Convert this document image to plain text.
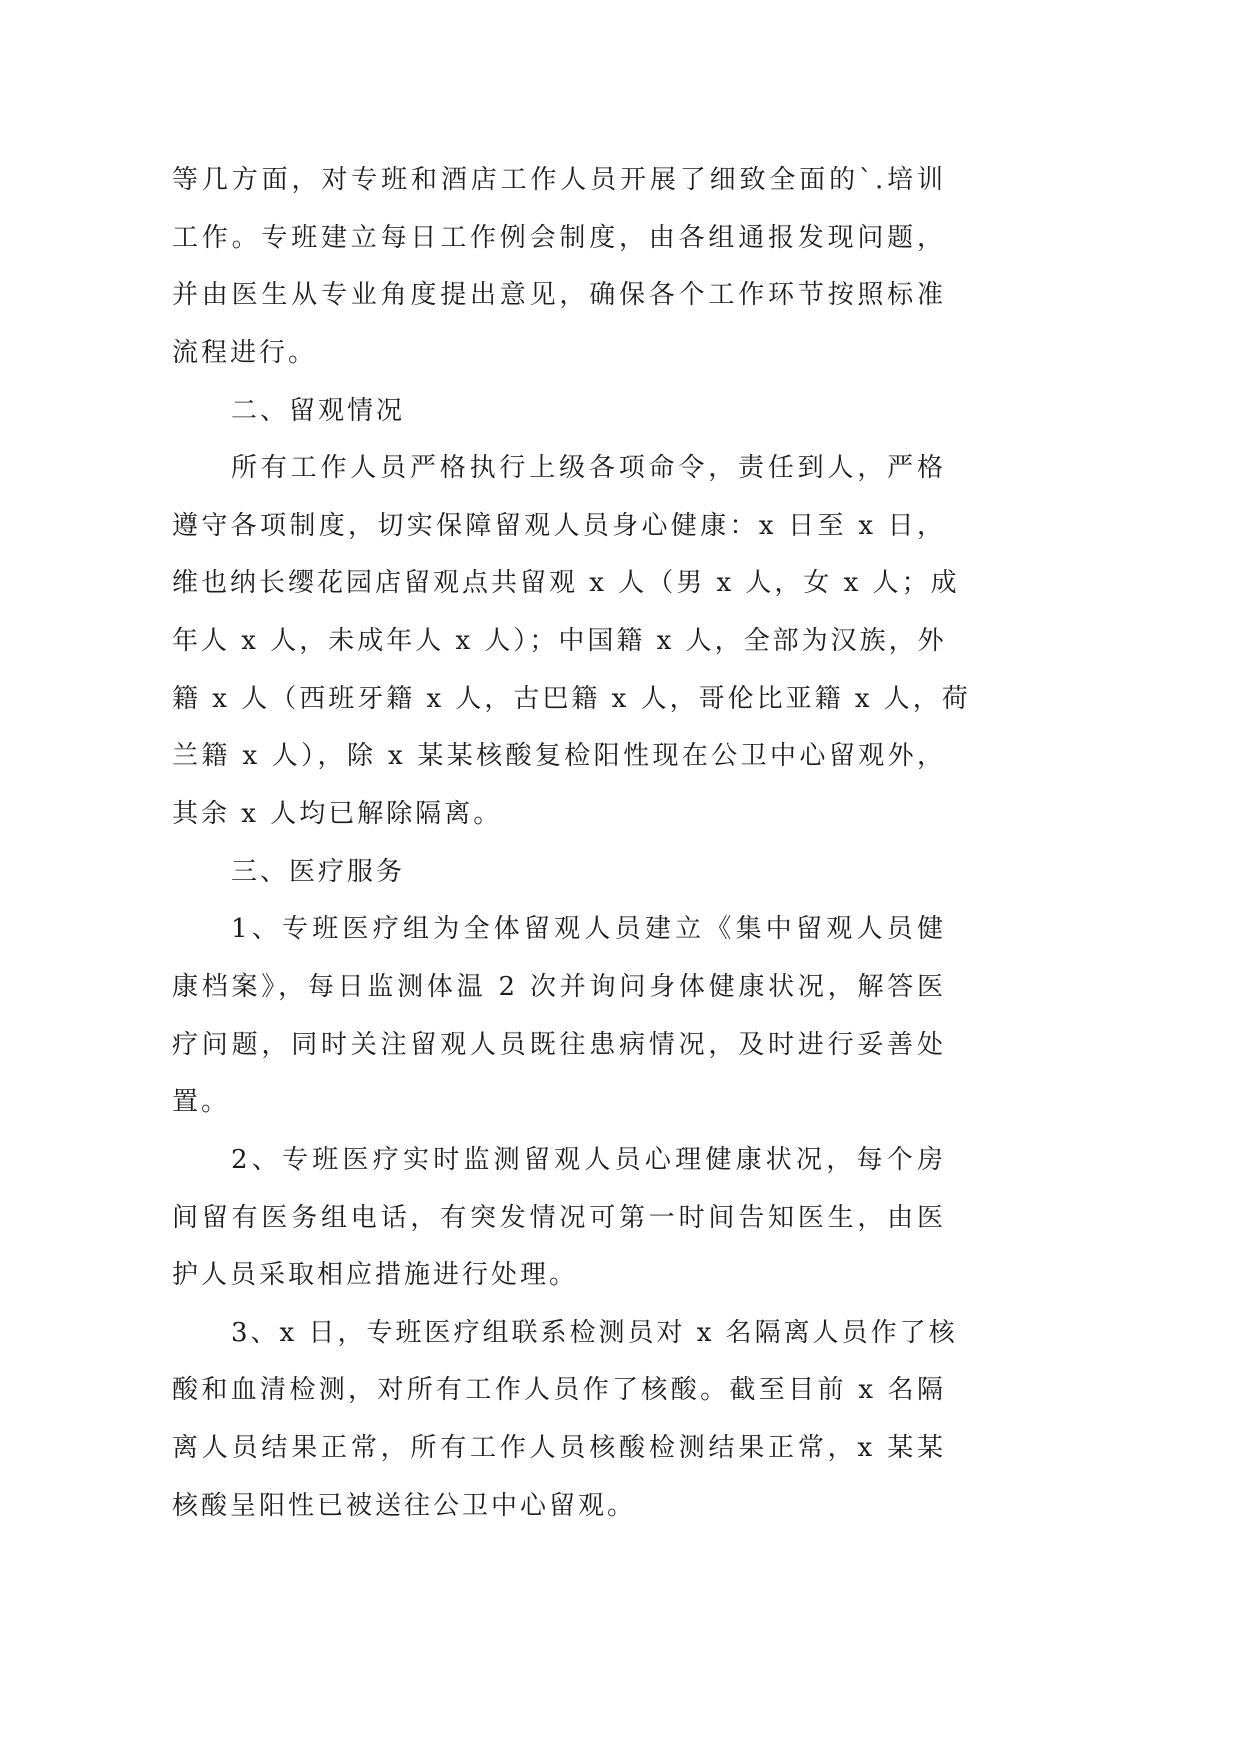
等几方面，对专班和酒店工作人员开展了细致全面的`.培训
工作。专班建立每日工作例会制度，由各组通报发现问题，
并由医生从专业角度提出意见，确保各个工作环节按照标准
流程进行。
二、留观情况
所有工作人员严格执行上级各项命令，责任到人，严格
遵守各项制度，切实保障留观人员身心健康：x 日至 x 日，
维也纳长缨花园店留观点共留观 x 人（男 x 人，女 x 人；成
年人 x 人，未成年人 x 人）；中国籍 x 人，全部为汉族，外
籍 x 人（西班牙籍 x 人，古巴籍 x 人，哥伦比亚籍 x 人，荷
兰籍 x 人），除 x 某某核酸复检阳性现在公卫中心留观外，
其余 x 人均已解除隔离。
三、医疗服务
1、专班医疗组为全体留观人员建立《集中留观人员健
康档案》，每日监测体温 2 次并询问身体健康状况，解答医
疗问题，同时关注留观人员既往患病情况，及时进行妥善处
置。
2、专班医疗实时监测留观人员心理健康状况，每个房
间留有医务组电话，有突发情况可第一时间告知医生，由医
护人员采取相应措施进行处理。
3、x 日，专班医疗组联系检测员对 x 名隔离人员作了核
酸和血清检测，对所有工作人员作了核酸。截至目前 x 名隔
离人员结果正常，所有工作人员核酸检测结果正常，x 某某
核酸呈阳性已被送往公卫中心留观。
